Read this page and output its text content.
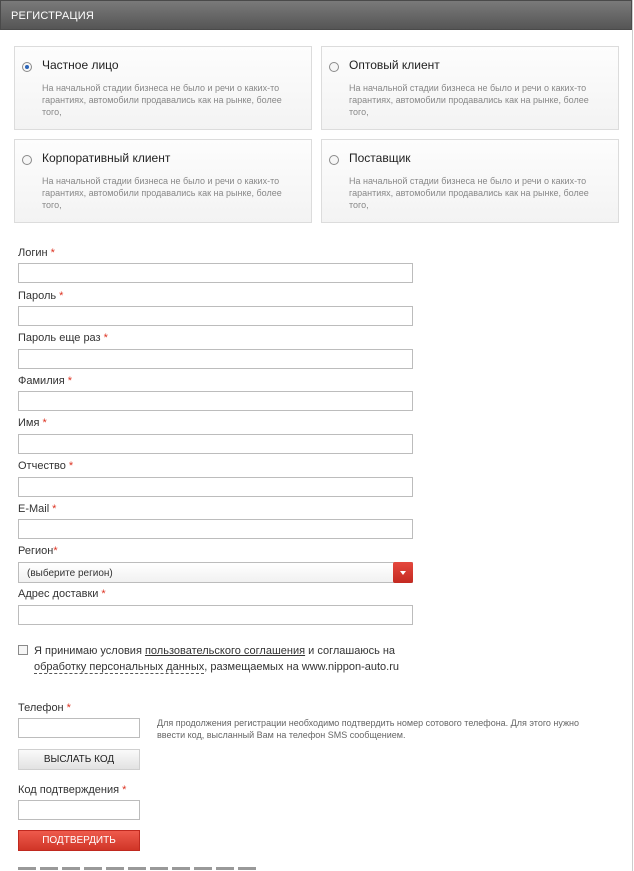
РЕГИСТРАЦИЯ
Частное лицо
На начальной стадии бизнеса не было и речи о каких-то гарантиях, автомобили продавались как на рынке, более того,
Оптовый клиент
На начальной стадии бизнеса не было и речи о каких-то гарантиях, автомобили продавались как на рынке, более того,
Корпоративный клиент
На начальной стадии бизнеса не было и речи о каких-то гарантиях, автомобили продавались как на рынке, более того,
Поставщик
На начальной стадии бизнеса не было и речи о каких-то гарантиях, автомобили продавались как на рынке, более того,
Логин *
Пароль *
Пароль еще раз *
Фамилия *
Имя *
Отчество *
E-Mail *
Регион*
(выберите регион)
Адрес доставки *
Я принимаю условия пользовательского соглашения и соглашаюсь на
обработку персональных данных, размещаемых на www.nippon-auto.ru
Телефон *
Для продолжения регистрации необходимо подтвердить номер сотового телефона. Для этого нужно ввести код, высланный Вам на телефон SMS сообщением.
ВЫСЛАТЬ КОД
Код подтверждения *
ПОДТВЕРДИТЬ
